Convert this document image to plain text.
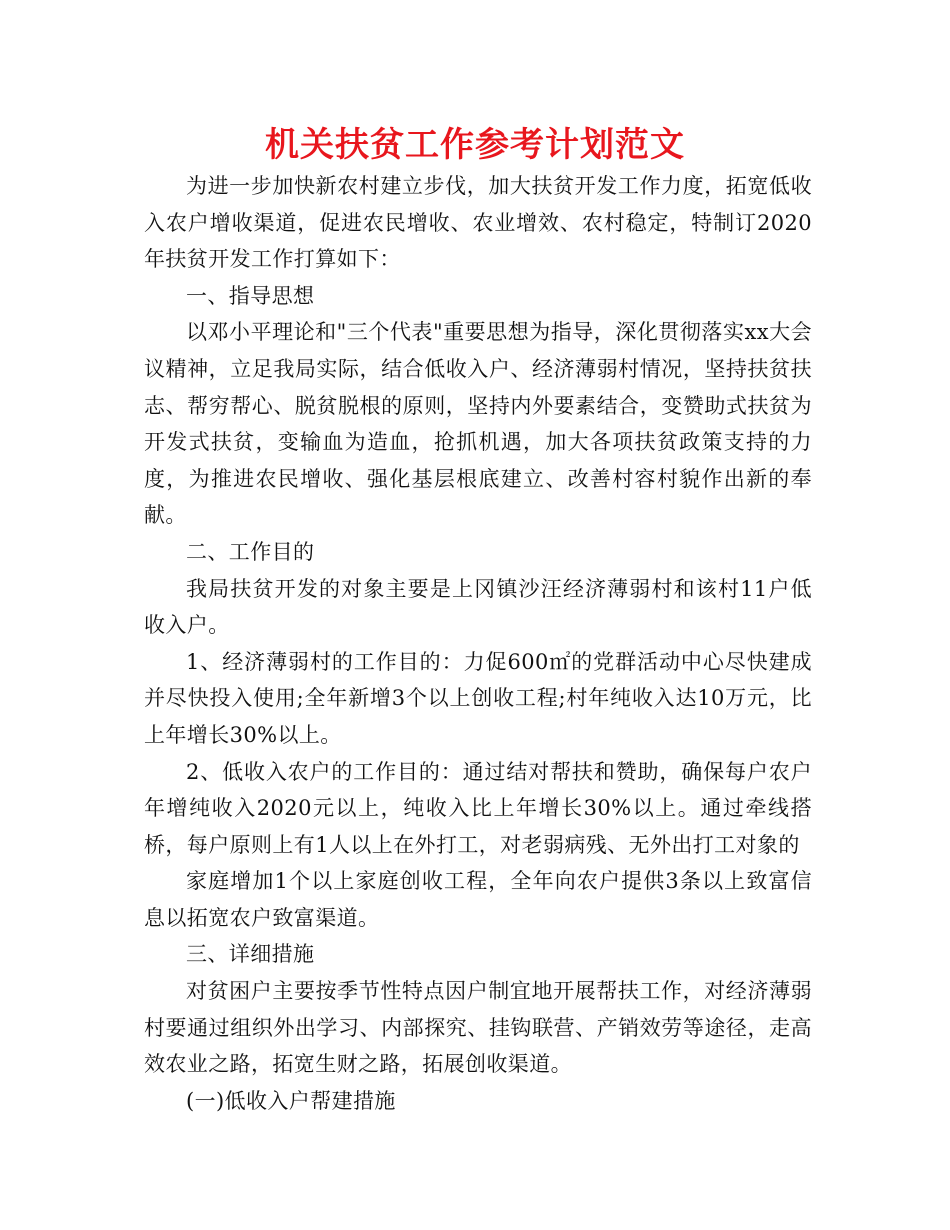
机关扶贫工作参考计划范文

为进一步加快新农村建立步伐，加大扶贫开发工作力度，拓宽低收入农户增收渠道，促进农民增收、农业增效、农村稳定，特制订2020年扶贫开发工作打算如下：

一、指导思想

以邓小平理论和"三个代表"重要思想为指导，深化贯彻落实xx大会议精神，立足我局实际，结合低收入户、经济薄弱村情况，坚持扶贫扶志、帮穷帮心、脱贫脱根的原则，坚持内外要素结合，变赞助式扶贫为开发式扶贫，变输血为造血，抢抓机遇，加大各项扶贫政策支持的力度，为推进农民增收、强化基层根底建立、改善村容村貌作出新的奉献。

二、工作目的

我局扶贫开发的对象主要是上冈镇沙汪经济薄弱村和该村11户低收入户。

1、经济薄弱村的工作目的：力促600㎡的党群活动中心尽快建成并尽快投入使用;全年新增3个以上创收工程;村年纯收入达10万元，比上年增长30%以上。

2、低收入农户的工作目的：通过结对帮扶和赞助，确保每户农户年增纯收入2020元以上，纯收入比上年增长30%以上。通过牵线搭桥，每户原则上有1人以上在外打工，对老弱病残、无外出打工对象的

家庭增加1个以上家庭创收工程，全年向农户提供3条以上致富信息以拓宽农户致富渠道。

三、详细措施

对贫困户主要按季节性特点因户制宜地开展帮扶工作，对经济薄弱村要通过组织外出学习、内部探究、挂钩联营、产销效劳等途径，走高效农业之路，拓宽生财之路，拓展创收渠道。

(一)低收入户帮建措施
